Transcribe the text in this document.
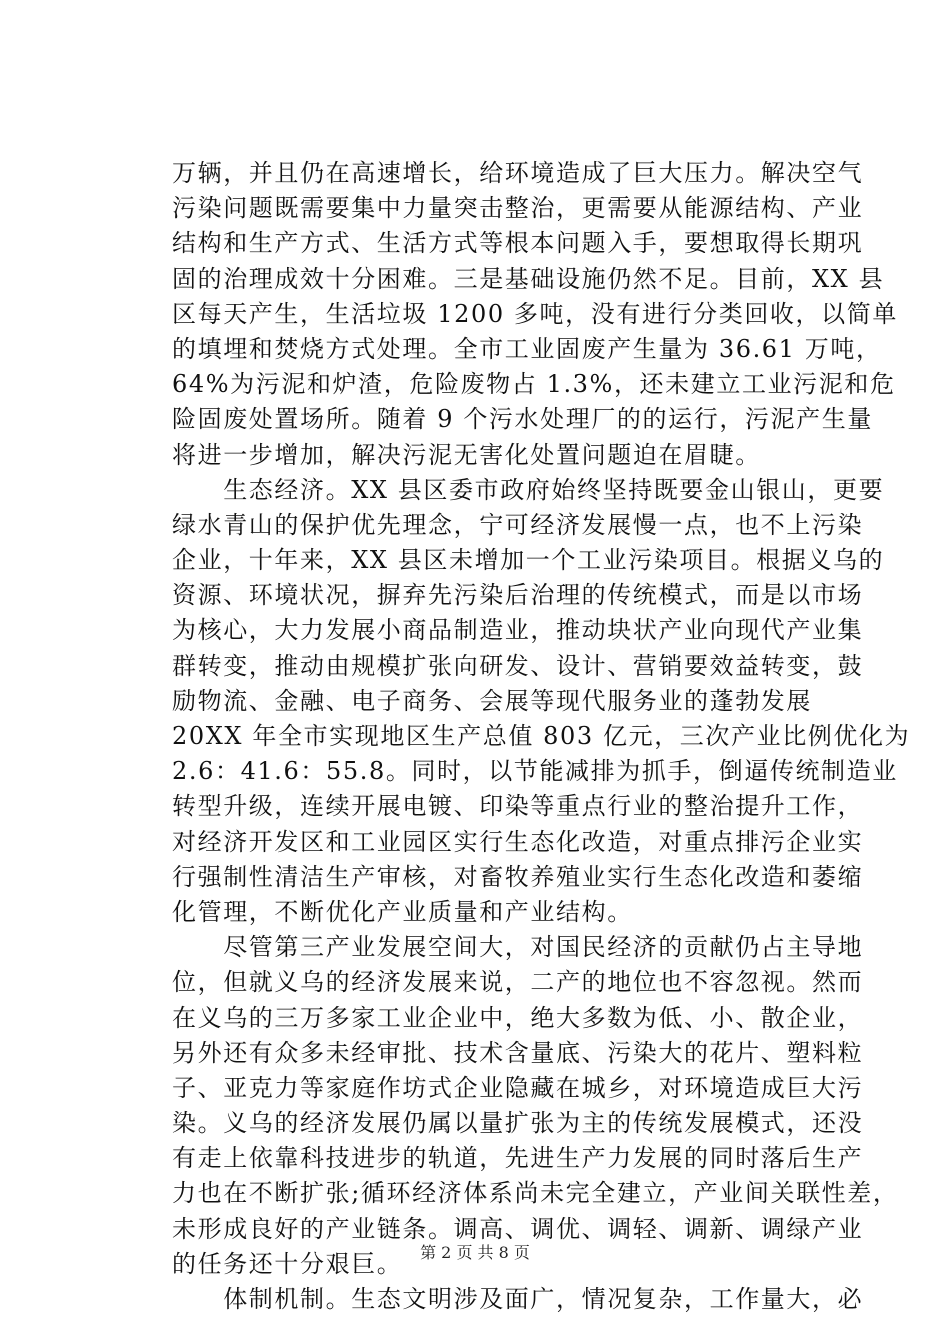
万辆，并且仍在高速增长，给环境造成了巨大压力。解决空气
污染问题既需要集中力量突击整治，更需要从能源结构、产业
结构和生产方式、生活方式等根本问题入手，要想取得长期巩
固的治理成效十分困难。三是基础设施仍然不足。目前，XX 县
区每天产生，生活垃圾 1200 多吨，没有进行分类回收，以简单
的填埋和焚烧方式处理。全市工业固废产生量为 36.61 万吨，
64%为污泥和炉渣，危险废物占 1.3%，还未建立工业污泥和危
险固废处置场所。随着 9 个污水处理厂的的运行，污泥产生量
将进一步增加，解决污泥无害化处置问题迫在眉睫。
　　生态经济。XX 县区委市政府始终坚持既要金山银山，更要
绿水青山的保护优先理念，宁可经济发展慢一点，也不上污染
企业，十年来，XX 县区未增加一个工业污染项目。根据义乌的
资源、环境状况，摒弃先污染后治理的传统模式，而是以市场
为核心，大力发展小商品制造业，推动块状产业向现代产业集
群转变，推动由规模扩张向研发、设计、营销要效益转变，鼓
励物流、金融、电子商务、会展等现代服务业的蓬勃发展
20XX 年全市实现地区生产总值 803 亿元，三次产业比例优化为
2.6：41.6：55.8。同时，以节能减排为抓手，倒逼传统制造业
转型升级，连续开展电镀、印染等重点行业的整治提升工作，
对经济开发区和工业园区实行生态化改造，对重点排污企业实
行强制性清洁生产审核，对畜牧养殖业实行生态化改造和萎缩
化管理，不断优化产业质量和产业结构。
　　尽管第三产业发展空间大，对国民经济的贡献仍占主导地
位，但就义乌的经济发展来说，二产的地位也不容忽视。然而
在义乌的三万多家工业企业中，绝大多数为低、小、散企业，
另外还有众多未经审批、技术含量底、污染大的花片、塑料粒
子、亚克力等家庭作坊式企业隐藏在城乡，对环境造成巨大污
染。义乌的经济发展仍属以量扩张为主的传统发展模式，还没
有走上依靠科技进步的轨道，先进生产力发展的同时落后生产
力也在不断扩张;循环经济体系尚未完全建立，产业间关联性差，
未形成良好的产业链条。调高、调优、调轻、调新、调绿产业
的任务还十分艰巨。
　　体制机制。生态文明涉及面广，情况复杂，工作量大，必
第 2 页 共 8 页
